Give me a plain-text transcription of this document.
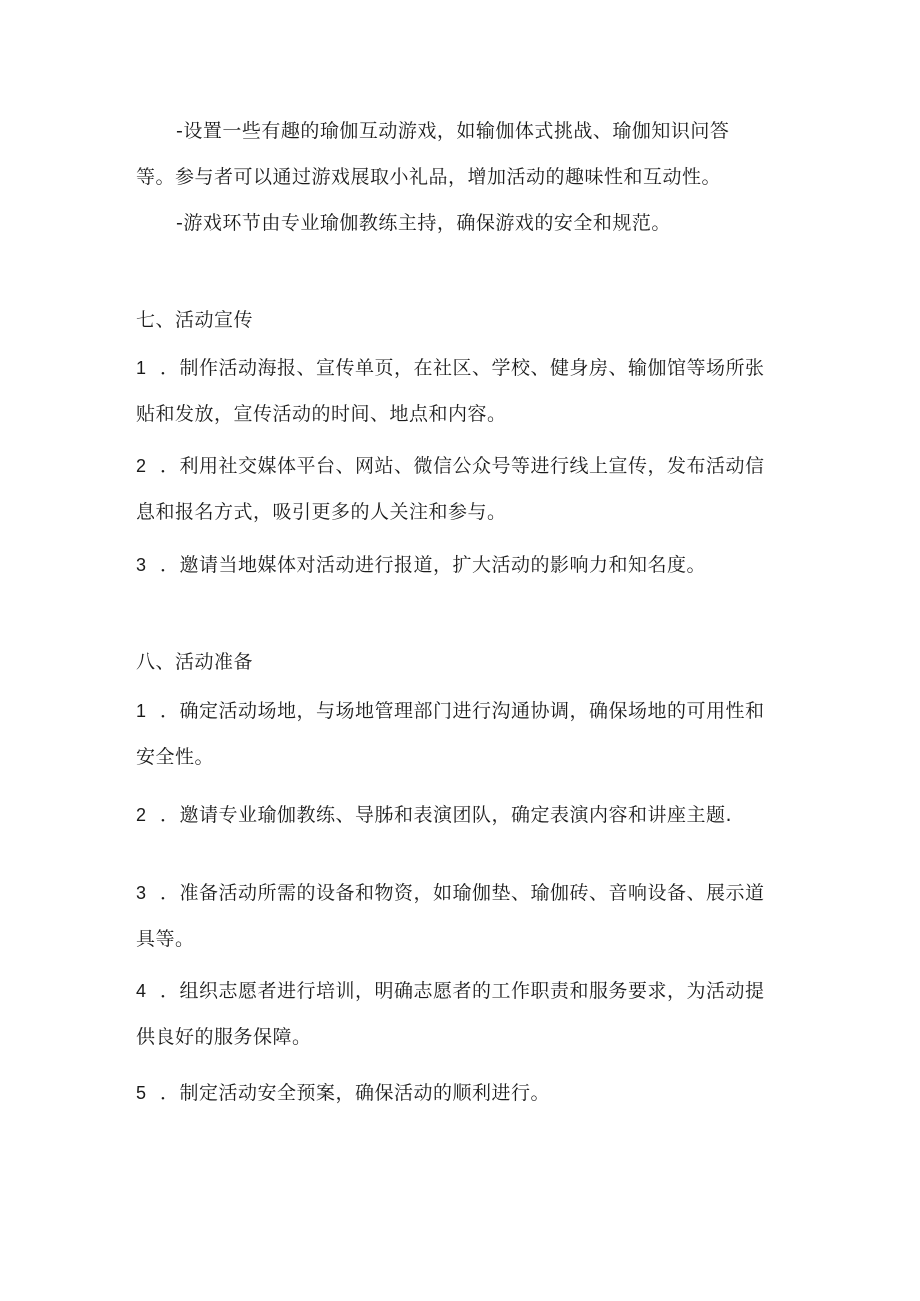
-设置一些有趣的瑜伽互动游戏，如输伽体式挑战、瑜伽知识问答
等。参与者可以通过游戏展取小礼品，增加活动的趣味性和互动性。
-游戏环节由专业瑜伽教练主持，确保游戏的安全和规范。
七、活动宣传
1 ．制作活动海报、宣传单页，在社区、学校、健身房、输伽馆等场所张
贴和发放，宣传活动的时间、地点和内容。
2 ．利用社交媒体平台、网站、微信公众号等进行线上宣传，发布活动信
息和报名方式，吸引更多的人关注和参与。
3 ．邀请当地媒体对活动进行报道，扩大活动的影响力和知名度。
八、活动准备
1 ．确定活动场地，与场地管理部门进行沟通协调，确保场地的可用性和
安全性。
2 ．邀请专业瑜伽教练、导胏和表演团队，确定表演内容和讲座主题.
3 ．准备活动所需的设备和物资，如瑜伽垫、瑜伽砖、音响设备、展示道
具等。
4 ．组织志愿者进行培训，明确志愿者的工作职责和服务要求，为活动提
供良好的服务保障。
5 ．制定活动安全预案，确保活动的顺利进行。
